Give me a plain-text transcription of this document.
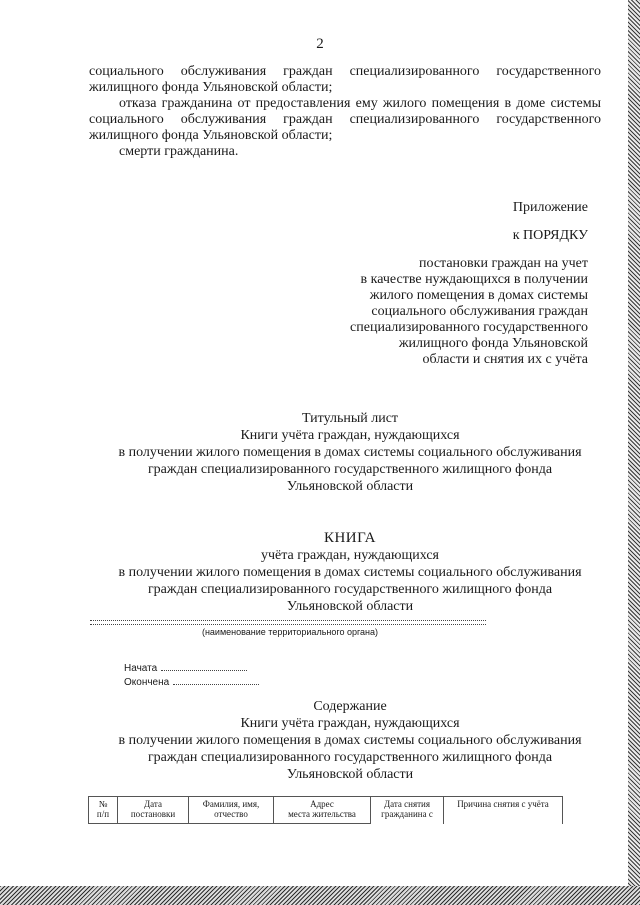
2

социального обслуживания граждан специализированного государственного жилищного фонда Ульяновской области;

отказа гражданина от предоставления ему жилого помещения в доме системы социального обслуживания граждан специализированного государственного жилищного фонда Ульяновской области;

смерти гражданина.

Приложение
к ПОРЯДКУ
постановки граждан на учет
в качестве нуждающихся в получении
жилого помещения в домах системы
социального обслуживания граждан
специализированного государственного
жилищного фонда Ульяновской
области и снятия их с учёта
Титульный лист
Книги учёта граждан, нуждающихся
в получении жилого помещения в домах системы социального обслуживания
граждан специализированного государственного жилищного фонда
Ульяновской области
КНИГА
учёта граждан, нуждающихся
в получении жилого помещения в домах системы социального обслуживания
граждан специализированного государственного жилищного фонда
Ульяновской области
(наименование территориального органа)
Начата
Окончена
Содержание
Книги учёта граждан, нуждающихся
в получении жилого помещения в домах системы социального обслуживания
граждан специализированного государственного жилищного фонда
Ульяновской области
№
п/п

Дата
постановки

Фамилия, имя,
отчество

Адрес
места жительства

Дата снятия
гражданина с

Причина снятия с учёта
